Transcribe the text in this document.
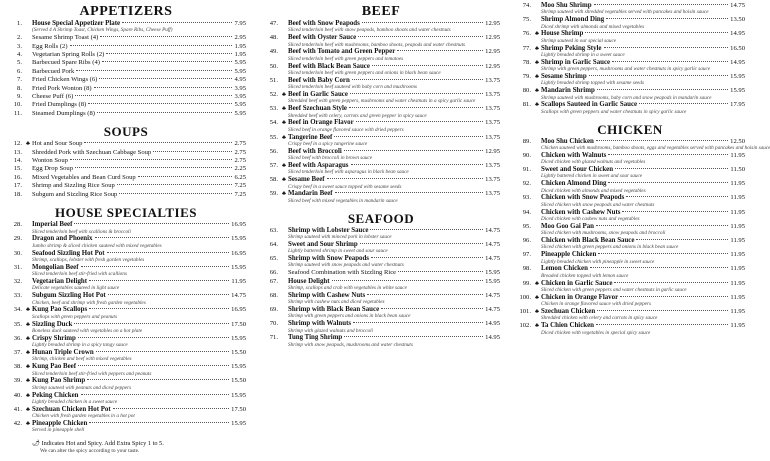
APPETIZERS
1.	House Special Appetizer Plate	7.95
(Served 4 A Shrimp Toast, Chicken Wings, Spare Ribs, Cheese Puff)
2.	Sesame Shrimp Toast (4)	2.95
3.	Egg Rolls (2)	1.95
4.	Vegetarian Spring Rolls (2)	1.95
5.	Barbecued Spare Ribs (4)	5.95
6.	Barbecued Pork	5.95
7.	Fried Chicken Wings (6)	4.95
8.	Fried Pork Wonton (8)	3.95
9.	Cheese Puff (6)	3.95
10.	Fried Dumplings (8)	5.95
11.	Steamed Dumplings (8)	5.95
SOUPS
12. ♣ Hot and Sour Soup	2.75
13.	Shredded Pork with Szechuan Cabbage Soup	2.75
14.	Wonton Soup	2.75
15.	Egg Drop Soup	2.25
16.	Mixed Vegetables and Bean Curd Soup	6.25
17.	Shrimp and Sizzling Rice Soup	7.25
18.	Subgum and Sizzling Rice Soup	7.25
HOUSE SPECIALTIES
28.	Imperial Beef	16.95
Sliced tenderloin beef with scallions & broccoli
29.	Dragon and Phoenix	15.95
Jumbo shrimp & sliced chicken sauteed with mixed vegetables
30.	Seafood Sizzling Hot Pot	16.95
Shrimp, scallops, lobster with fresh garden vegetables
31.	Mongolian Beef	15.95
Sliced tenderloin beef stir-fried with scallions
32.	Vegetarian Delight	11.95
Delicate vegetables sauteed in light sauce
33.	Subgum Sizzling Hot Pot	14.75
Chicken, beef and shrimp with fresh garden vegetables
34. ♣ Kung Pao Scallops	16.95
Scallops with green peppers and peanuts
35. ♣ Sizzling Duck	17.50
Boneless duck sauteed with vegetables on a hot plate
36. ♣ Crispy Shrimp	15.95
Lightly breaded shrimp in a spicy tangy sauce
37. ♣ Hunan Triple Crown	15.50
Shrimp, chicken and beef with mixed vegetables
38. ♣ Kung Pao Beef	15.95
Sliced tenderloin beef stir-fried with peppers and peanuts
39. ♣ Kung Pao Shrimp	15.50
Shrimp sauteed with peanuts and diced peppers
40. ♣ Peking Chicken	15.95
Lightly breaded chicken in a sweet sauce
41. ♣ Szechuan Chicken Hot Pot	17.50
Chicken with fresh garden vegetables in a hot pot
42. ♣ Pineapple Chicken	15.95
Served in pineapple shell
🌶︎ Indicates Hot and Spicy. Add Extra Spicy 1 to 5.
We can alter the spicy according to your taste.
BEEF
47.	Beef with Snow Peapods	12.95
Sliced tenderloin beef with snow peapods, bamboo shoots and water chestnuts
48.	Beef with Oyster Sauce	12.95
Sliced tenderloin beef with mushrooms, bamboo shoots, peapods and water chestnuts
49.	Beef with Tomato and Green Pepper	12.95
Sliced tenderloin beef with green peppers and tomatoes
50.	Beef with Black Bean Sauce	12.95
Sliced tenderloin beef with green peppers and onions in black bean sauce
51.	Beef with Baby Corn	13.75
Sliced tenderloin beef sauteed with baby corn and mushrooms
52. ♣ Beef in Garlic Sauce	13.75
Shredded beef with green peppers, mushrooms and water chestnuts in a spicy garlic sauce
53. ♣ Beef Szechuan Style	13.75
Shredded beef with celery, carrots and green pepper in spicy sauce
54. ♣ Beef in Orange Flavor	13.75
Sliced beef in orange flavored sauce with dried peppers
55. ♣ Tangerine Beef	13.75
Crispy beef in a spicy tangerine sauce
56.	Beef with Broccoli	12.95
Sliced beef with broccoli in brown sauce
57. ♣ Beef with Asparagus	13.75
Sliced tenderloin beef with asparagus in black bean sauce
58. ♣ Sesame Beef	13.75
Crispy beef in a sweet sauce topped with sesame seeds
59. ♣ Mandarin Beef	13.75
Sliced beef with mixed vegetables in mandarin sauce
SEAFOOD
63.	Shrimp with Lobster Sauce	14.75
Shrimp sauteed with minced pork in lobster sauce
64.	Sweet and Sour Shrimp	14.75
Lightly battered shrimp in sweet and sour sauce
65.	Shrimp with Snow Peapods	14.75
Shrimp sauteed with snow peapods and water chestnuts
66.	Seafood Combination with Sizzling Rice	15.95
67.	House Delight	15.95
Shrimp, scallops and crab with vegetables in white sauce
68.	Shrimp with Cashew Nuts	14.75
Shrimp with cashew nuts and diced vegetables
69.	Shrimp with Black Bean Sauce	14.75
Shrimp with green peppers and onions in black bean sauce
70.	Shrimp with Walnuts	14.95
Shrimp with glazed walnuts and broccoli
71.	Tung Ting Shrimp	14.95
Shrimp with snow peapods, mushrooms and water chestnuts
74.	Moo Shu Shrimp	14.75
Shrimp sauteed with shredded vegetables served with pancakes and hoisin sauce
75.	Shrimp Almond Ding	13.50
Diced shrimp with almonds and mixed vegetables
76. ♣ House Shrimp	14.95
Shrimp sauteed in our special sauce
77. ♣ Shrimp Peking Style	16.50
Lightly breaded shrimp in a sweet sauce
78. ♣ Shrimp in Garlic Sauce	14.95
Shrimp with green peppers, mushrooms and water chestnuts in spicy garlic sauce
79. ♣ Sesame Shrimp	15.95
Lightly breaded shrimp topped with sesame seeds
80. ♣ Mandarin Shrimp	15.95
Shrimp sauteed with mushrooms, baby corn and snow peapods in mandarin sauce
81. ♣ Scallops Sauteed in Garlic Sauce	17.95
Scallops with green peppers and water chestnuts in spicy garlic sauce
CHICKEN
89.	Moo Shu Chicken	12.50
Chicken sauteed with mushrooms, bamboo shoots, eggs and vegetables served with pancakes and hoisin sauce
90.	Chicken with Walnuts	11.95
Diced chicken with glazed walnuts and vegetables
91.	Sweet and Sour Chicken	11.50
Lightly battered chicken in sweet and sour sauce
92.	Chicken Almond Ding	11.95
Diced chicken with almonds and mixed vegetables
93.	Chicken with Snow Peapods	11.95
Sliced chicken with snow peapods and water chestnuts
94.	Chicken with Cashew Nuts	11.95
Diced chicken with cashew nuts and vegetables
95.	Moo Goo Gai Pan	11.95
Sliced chicken with mushrooms, snow peapods and broccoli
96.	Chicken with Black Bean Sauce	11.95
Sliced chicken with green peppers and onions in black bean sauce
97.	Pineapple Chicken	11.95
Lightly breaded chicken with pineapple in sweet sauce
98.	Lemon Chicken	11.95
Breaded chicken topped with lemon sauce
99. ♣ Chicken in Garlic Sauce	11.95
Sliced chicken with green peppers and water chestnuts in garlic sauce
100. ♣ Chicken in Orange Flavor	11.95
Chicken in orange flavored sauce with dried peppers
101. ♣ Szechuan Chicken	11.95
Shredded chicken with celery and carrots in spicy sauce
102. ♣ Ta Chien Chicken	11.95
Diced chicken with vegetables in special spicy sauce
